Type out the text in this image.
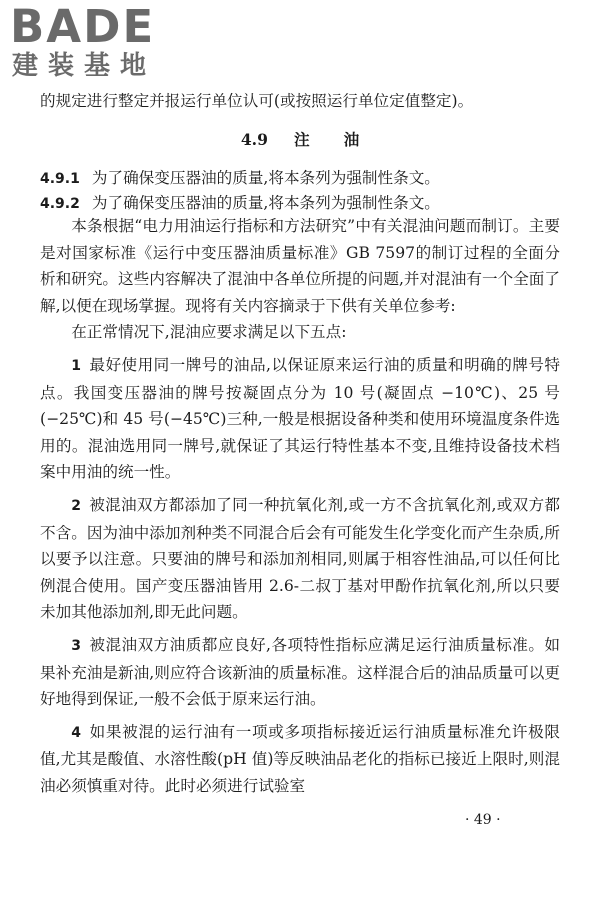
BADE
建装基地

的规定进行整定并报运行单位认可(或按照运行单位定值整定)。

4.9 注 油
4.9.1 为了确保变压器油的质量,将本条列为强制性条文。
4.9.2 为了确保变压器油的质量,将本条列为强制性条文。

本条根据“电力用油运行指标和方法研究”中有关混油问题而制订。主要是对国家标准《运行中变压器油质量标准》GB 7597的制订过程的全面分析和研究。这些内容解决了混油中各单位所提的问题,并对混油有一个全面了解,以便在现场掌握。现将有关内容摘录于下供有关单位参考:

在正常情况下,混油应要求满足以下五点:

1 最好使用同一牌号的油品,以保证原来运行油的质量和明确的牌号特点。我国变压器油的牌号按凝固点分为 10 号(凝固点 −10℃)、25 号(−25℃)和 45 号(−45℃)三种,一般是根据设备种类和使用环境温度条件选用的。混油选用同一牌号,就保证了其运行特性基本不变,且维持设备技术档案中用油的统一性。

2 被混油双方都添加了同一种抗氧化剂,或一方不含抗氧化剂,或双方都不含。因为油中添加剂种类不同混合后会有可能发生化学变化而产生杂质,所以要予以注意。只要油的牌号和添加剂相同,则属于相容性油品,可以任何比例混合使用。国产变压器油皆用 2.6-二叔丁基对甲酚作抗氧化剂,所以只要未加其他添加剂,即无此问题。

3 被混油双方油质都应良好,各项特性指标应满足运行油质量标准。如果补充油是新油,则应符合该新油的质量标准。这样混合后的油品质量可以更好地得到保证,一般不会低于原来运行油。

4 如果被混的运行油有一项或多项指标接近运行油质量标准允许极限值,尤其是酸值、水溶性酸(pH 值)等反映油品老化的指标已接近上限时,则混油必须慎重对待。此时必须进行试验室

· 49 ·
